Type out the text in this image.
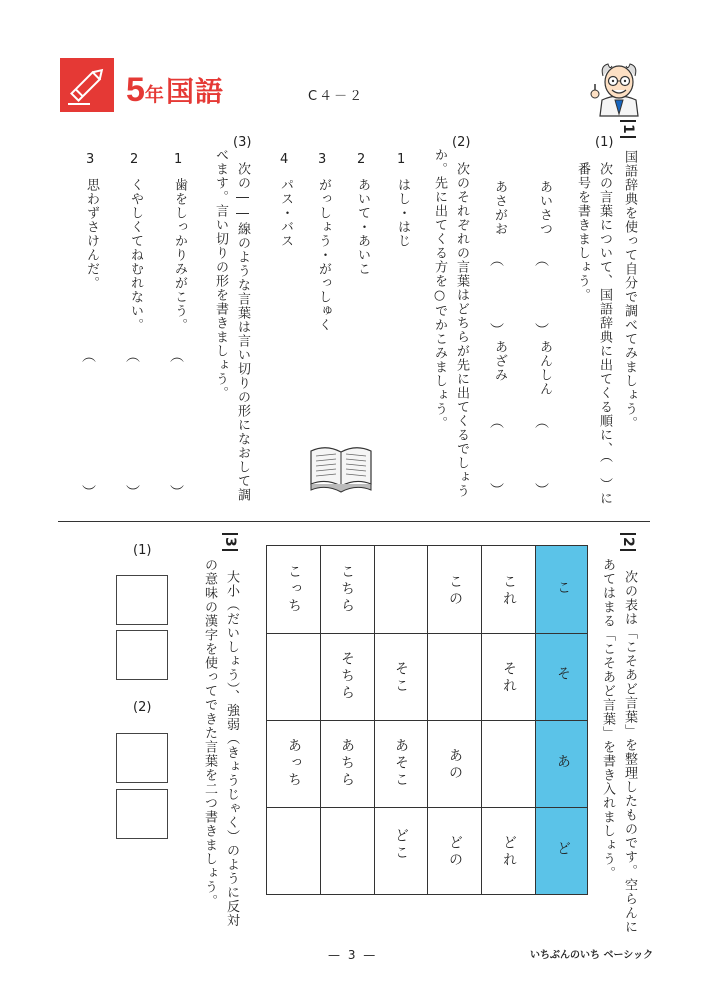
5年国語	C４－２
1
国語辞典を使って自分で調べてみましょう。
(1)
次の言葉について、国語辞典に出てくる順に、（　）に
番号を書きましょう。
あいさつ
︵
︶
あんしん
︵
︶
あさがお
︵
︶
あざみ
︵
︶
(2)
次のそれぞれの言葉はどちらが先に出てくるでしょう
か。先に出てくる方を○でかこみましょう。
1
はし・はじ
2
あいて・あいこ
3
がっしょう・がっしゅく
4
パス・バス
(3)
次の――線のような言葉は言い切りの形になおして調
べます。言い切りの形を書きましょう。
1
歯をしっかりみがこう。
︵
︶
2
くやしくてねむれない。
︵
︶
3
思わずさけんだ。
︵
︶
2
次の表は「こそあど言葉」を整理したものです。空らんに
あてはまる「こそあど言葉」を書き入れましょう。
こ
そ
あ
ど
これ
それ
どれ
この
あの
どの
そこ
あそこ
どこ
こちら
そちら
あちら
こっち
あっち
3
大小（だいしょう）、強弱（きょうじゃく）のように反対
の意味の漢字を使ってできた言葉を二つ書きましょう。
(1)
(2)
— 3 —	いちぶんのいち ベーシック
